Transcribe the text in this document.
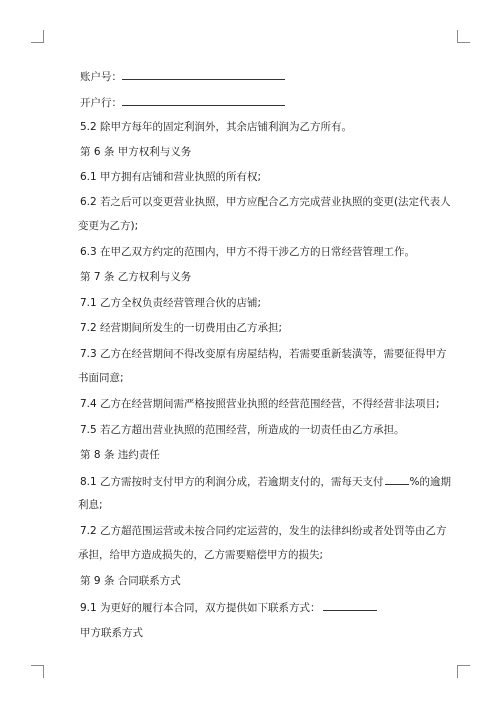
账户号：
开户行：
5.2 除甲方每年的固定利润外，其余店铺利润为乙方所有。
第 6 条 甲方权利与义务
6.1 甲方拥有店铺和营业执照的所有权;
6.2 若之后可以变更营业执照，甲方应配合乙方完成营业执照的变更(法定代表人
变更为乙方);
6.3 在甲乙双方约定的范围内，甲方不得干涉乙方的日常经营管理工作。
第 7 条 乙方权利与义务
7.1 乙方全权负责经营管理合伙的店铺;
7.2 经营期间所发生的一切费用由乙方承担;
7.3 乙方在经营期间不得改变原有房屋结构，若需要重新装潢等，需要征得甲方
书面同意;
7.4 乙方在经营期间需严格按照营业执照的经营范围经营，不得经营非法项目;
7.5 若乙方超出营业执照的范围经营，所造成的一切责任由乙方承担。
第 8 条 违约责任
8.1 乙方需按时支付甲方的利润分成，若逾期支付的，需每天支付 %的逾期
利息;
7.2 乙方超范围运营或未按合同约定运营的，发生的法律纠纷或者处罚等由乙方
承担，给甲方造成损失的，乙方需要赔偿甲方的损失;
第 9 条 合同联系方式
9.1 为更好的履行本合同，双方提供如下联系方式：
甲方联系方式
